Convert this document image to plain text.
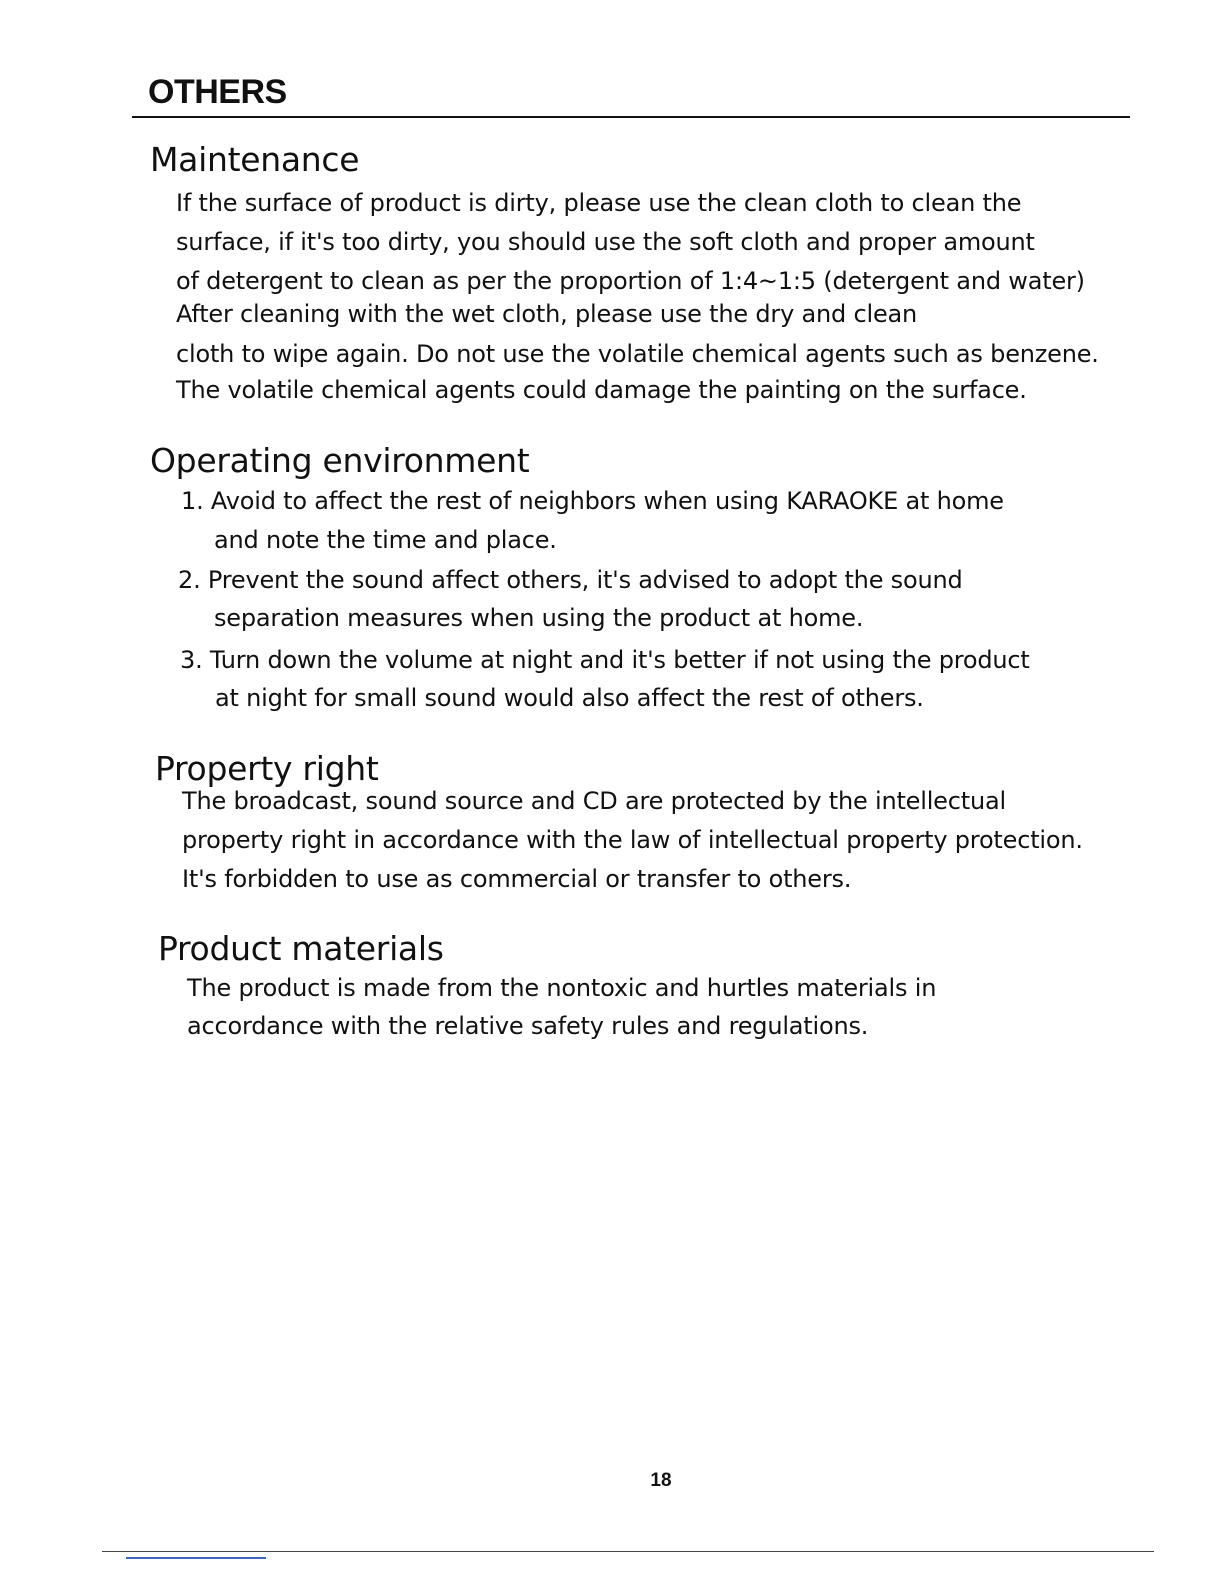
OTHERS
Maintenance

If the surface of product is dirty, please use the clean cloth to clean the

surface, if it's too dirty, you should use the soft cloth and proper amount

of detergent to clean as per the proportion of 1:4~1:5 (detergent and water)

After cleaning with the wet cloth, please use the dry and clean

cloth to wipe again. Do not use the volatile chemical agents such as benzene.

The volatile chemical agents could damage the painting on the surface.

Operating environment

1. Avoid to affect the rest of neighbors when using KARAOKE at home

and note the time and place.

2. Prevent the sound affect others, it's advised to adopt the sound

separation measures when using the product at home.

3. Turn down the volume at night and it's better if not using the product

at night for small sound would also affect the rest of others.

Property right

The broadcast, sound source and CD are protected by the intellectual

property right in accordance with the law of intellectual property protection.

It's forbidden to use as commercial or transfer to others.

Product materials

The product is made from the nontoxic and hurtles materials in

accordance with the relative safety rules and regulations.

18
